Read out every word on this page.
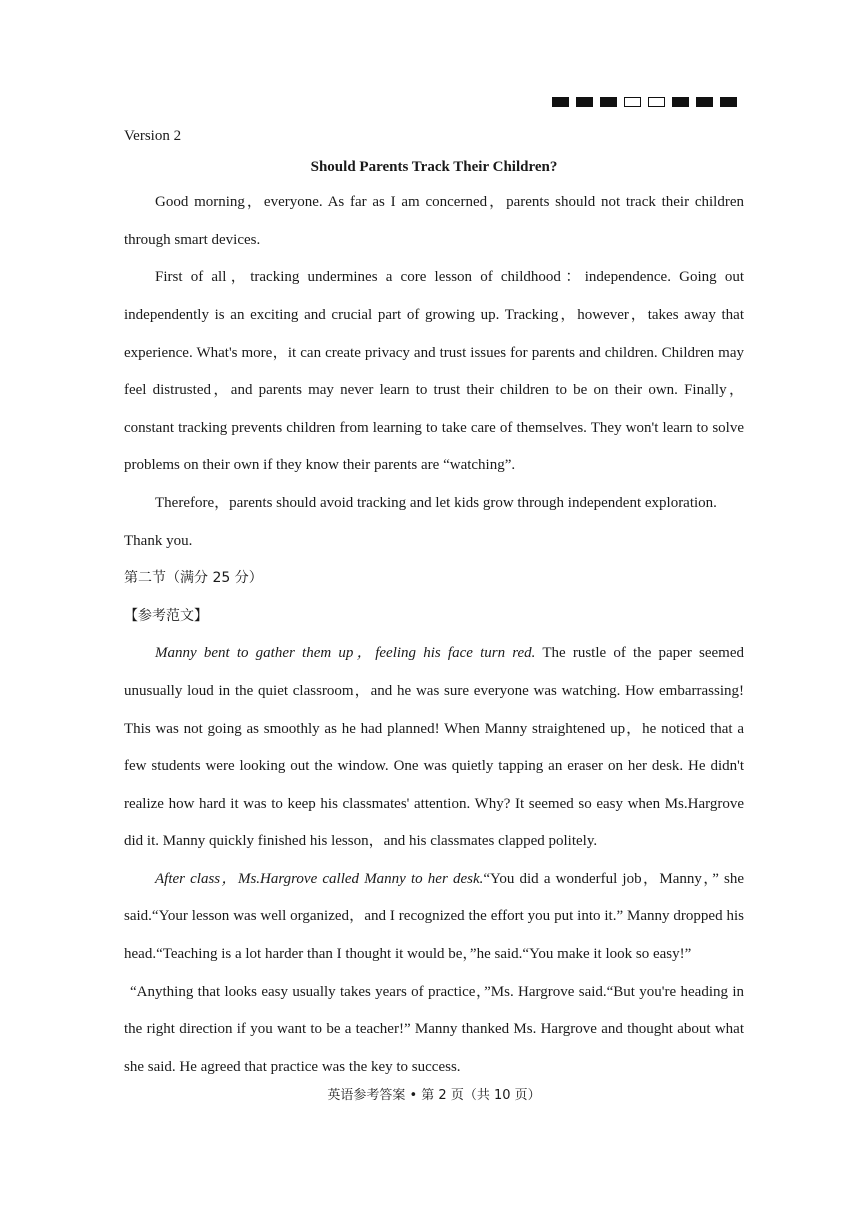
Version 2
Should Parents Track Their Children?
Good morning，everyone. As far as I am concerned，parents should not track their children through smart devices.
First of all，tracking undermines a core lesson of childhood：independence. Going out independently is an exciting and crucial part of growing up. Tracking，however，takes away that experience. What's more，it can create privacy and trust issues for parents and children. Children may feel distrusted，and parents may never learn to trust their children to be on their own. Finally，constant tracking prevents children from learning to take care of themselves. They won't learn to solve problems on their own if they know their parents are “watching”.
Therefore，parents should avoid tracking and let kids grow through independent exploration.
Thank you.
第二节（满分 25 分）
【参考范文】
Manny bent to gather them up，feeling his face turn red. The rustle of the paper seemed unusually loud in the quiet classroom，and he was sure everyone was watching. How embarrassing! This was not going as smoothly as he had planned! When Manny straightened up，he noticed that a few students were looking out the window. One was quietly tapping an eraser on her desk. He didn't realize how hard it was to keep his classmates' attention. Why? It seemed so easy when Ms.Hargrove did it. Manny quickly finished his lesson，and his classmates clapped politely.
After class，Ms.Hargrove called Manny to her desk.“You did a wonderful job，Manny，” she said.“Your lesson was well organized，and I recognized the effort you put into it.” Manny dropped his head.“Teaching is a lot harder than I thought it would be，”he said.“You make it look so easy!”
“Anything that looks easy usually takes years of practice，”Ms. Hargrove said.“But you're heading in the right direction if you want to be a teacher!” Manny thanked Ms. Hargrove and thought about what she said. He agreed that practice was the key to success.
英语参考答案 • 第 2 页（共 10 页）
